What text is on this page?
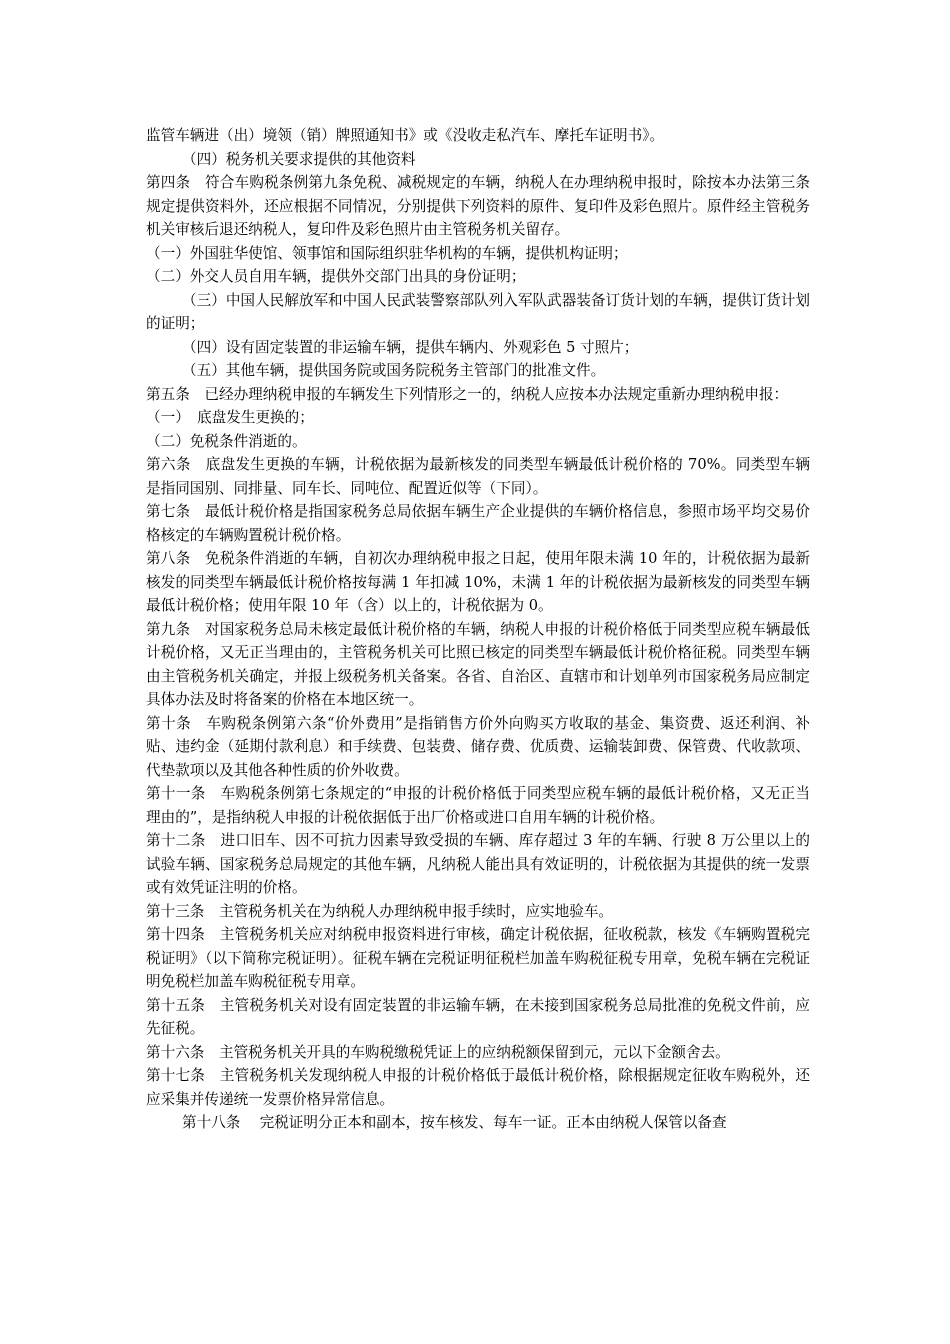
监管车辆进（出）境领（销）牌照通知书》或《没收走私汽车、摩托车证明书》。

（四）税务机关要求提供的其他资料

第四条　符合车购税条例第九条免税、减税规定的车辆，纳税人在办理纳税申报时，除按本办法第三条规定提供资料外，还应根据不同情况，分别提供下列资料的原件、复印件及彩色照片。原件经主管税务机关审核后退还纳税人，复印件及彩色照片由主管税务机关留存。

（一）外国驻华使馆、领事馆和国际组织驻华机构的车辆，提供机构证明；

（二）外交人员自用车辆，提供外交部门出具的身份证明；

（三）中国人民解放军和中国人民武装警察部队列入军队武器装备订货计划的车辆，提供订货计划的证明；

（四）设有固定装置的非运输车辆，提供车辆内、外观彩色 5 寸照片；

（五）其他车辆，提供国务院或国务院税务主管部门的批准文件。

第五条　已经办理纳税申报的车辆发生下列情形之一的，纳税人应按本办法规定重新办理纳税申报：

（一）　底盘发生更换的；

（二）免税条件消逝的。

第六条　底盘发生更换的车辆，计税依据为最新核发的同类型车辆最低计税价格的 70%。同类型车辆是指同国别、同排量、同车长、同吨位、配置近似等（下同）。

第七条　最低计税价格是指国家税务总局依据车辆生产企业提供的车辆价格信息，参照市场平均交易价格核定的车辆购置税计税价格。

第八条　免税条件消逝的车辆，自初次办理纳税申报之日起，使用年限未满 10 年的，计税依据为最新核发的同类型车辆最低计税价格按每满 1 年扣减 10%，未满 1 年的计税依据为最新核发的同类型车辆最低计税价格；使用年限 10 年（含）以上的，计税依据为 0。

第九条　对国家税务总局未核定最低计税价格的车辆，纳税人申报的计税价格低于同类型应税车辆最低计税价格，又无正当理由的，主管税务机关可比照已核定的同类型车辆最低计税价格征税。同类型车辆由主管税务机关确定，并报上级税务机关备案。各省、自治区、直辖市和计划单列市国家税务局应制定具体办法及时将备案的价格在本地区统一。

第十条　车购税条例第六条“价外费用”是指销售方价外向购买方收取的基金、集资费、返还利润、补贴、违约金（延期付款利息）和手续费、包装费、储存费、优质费、运输装卸费、保管费、代收款项、代垫款项以及其他各种性质的价外收费。

第十一条　车购税条例第七条规定的“申报的计税价格低于同类型应税车辆的最低计税价格，又无正当理由的”，是指纳税人申报的计税依据低于出厂价格或进口自用车辆的计税价格。

第十二条　进口旧车、因不可抗力因素导致受损的车辆、库存超过 3 年的车辆、行驶 8 万公里以上的试验车辆、国家税务总局规定的其他车辆，凡纳税人能出具有效证明的，计税依据为其提供的统一发票或有效凭证注明的价格。

第十三条　主管税务机关在为纳税人办理纳税申报手续时，应实地验车。

第十四条　主管税务机关应对纳税申报资料进行审核，确定计税依据，征收税款，核发《车辆购置税完税证明》（以下简称完税证明）。征税车辆在完税证明征税栏加盖车购税征税专用章，免税车辆在完税证明免税栏加盖车购税征税专用章。

第十五条　主管税务机关对设有固定装置的非运输车辆，在未接到国家税务总局批准的免税文件前，应先征税。

第十六条　主管税务机关开具的车购税缴税凭证上的应纳税额保留到元，元以下金额舍去。

第十七条　主管税务机关发现纳税人申报的计税价格低于最低计税价格，除根据规定征收车购税外，还应采集并传递统一发票价格异常信息。

第十八条　 完税证明分正本和副本，按车核发、每车一证。正本由纳税人保管以备查
